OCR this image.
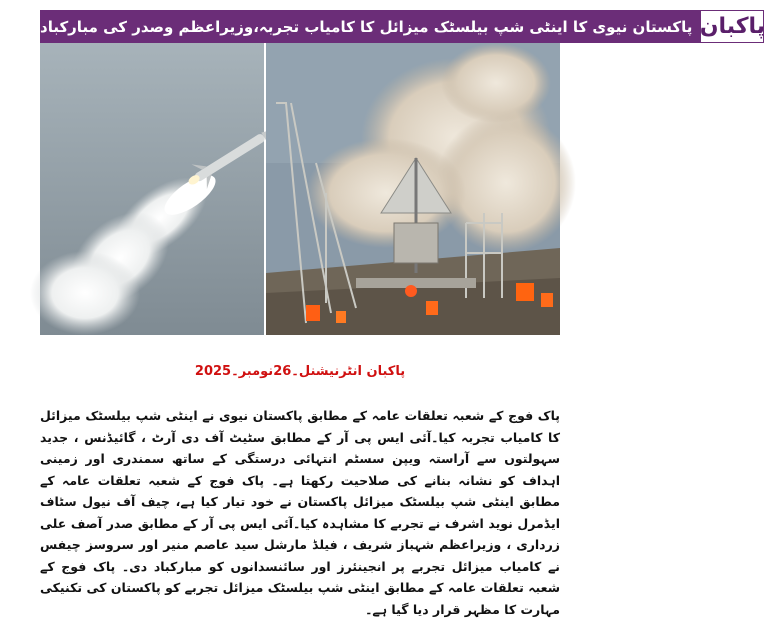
پاکستان نیوی کا اینٹی شپ بیلسٹک میزائل کا کامیاب تجربہ،وزیراعظم وصدر کی مبارکباد پاکبان
پاکبان انٹرنیشنل۔26نومبر۔2025

پاک فوج کے شعبہ تعلقات عامہ کے مطابق پاکستان نیوی نے اینٹی شپ بیلسٹک میزائل کا کامیاب تجربہ کیا۔آئی ایس پی آر کے مطابق سٹیٹ آف دی آرٹ ، گائیڈنس ، جدید سہولتوں سے آراستہ ویپن سسٹم انتہائی درستگی کے ساتھ سمندری اور زمینی اہداف کو نشانہ بنانے کی صلاحیت رکھتا ہے۔ پاک فوج کے شعبہ تعلقات عامہ کے مطابق اینٹی شپ بیلسٹک میزائل پاکستان نے خود تیار کیا ہے، چیف آف نیول سٹاف ایڈمرل نوید اشرف نے تجربے کا مشاہدہ کیا۔آئی ایس پی آر کے مطابق صدر آصف علی زرداری ، وزیراعظم شہباز شریف ، فیلڈ مارشل سید عاصم منیر اور سروسز چیفس نے کامیاب میزائل تجربے پر انجینئرز اور سائنسدانوں کو مبارکباد دی۔ پاک فوج کے شعبہ تعلقات عامہ کے مطابق اینٹی شپ بیلسٹک میزائل تجربے کو پاکستان کی تکنیکی مہارت کا مظہر قرار دیا گیا ہے۔
